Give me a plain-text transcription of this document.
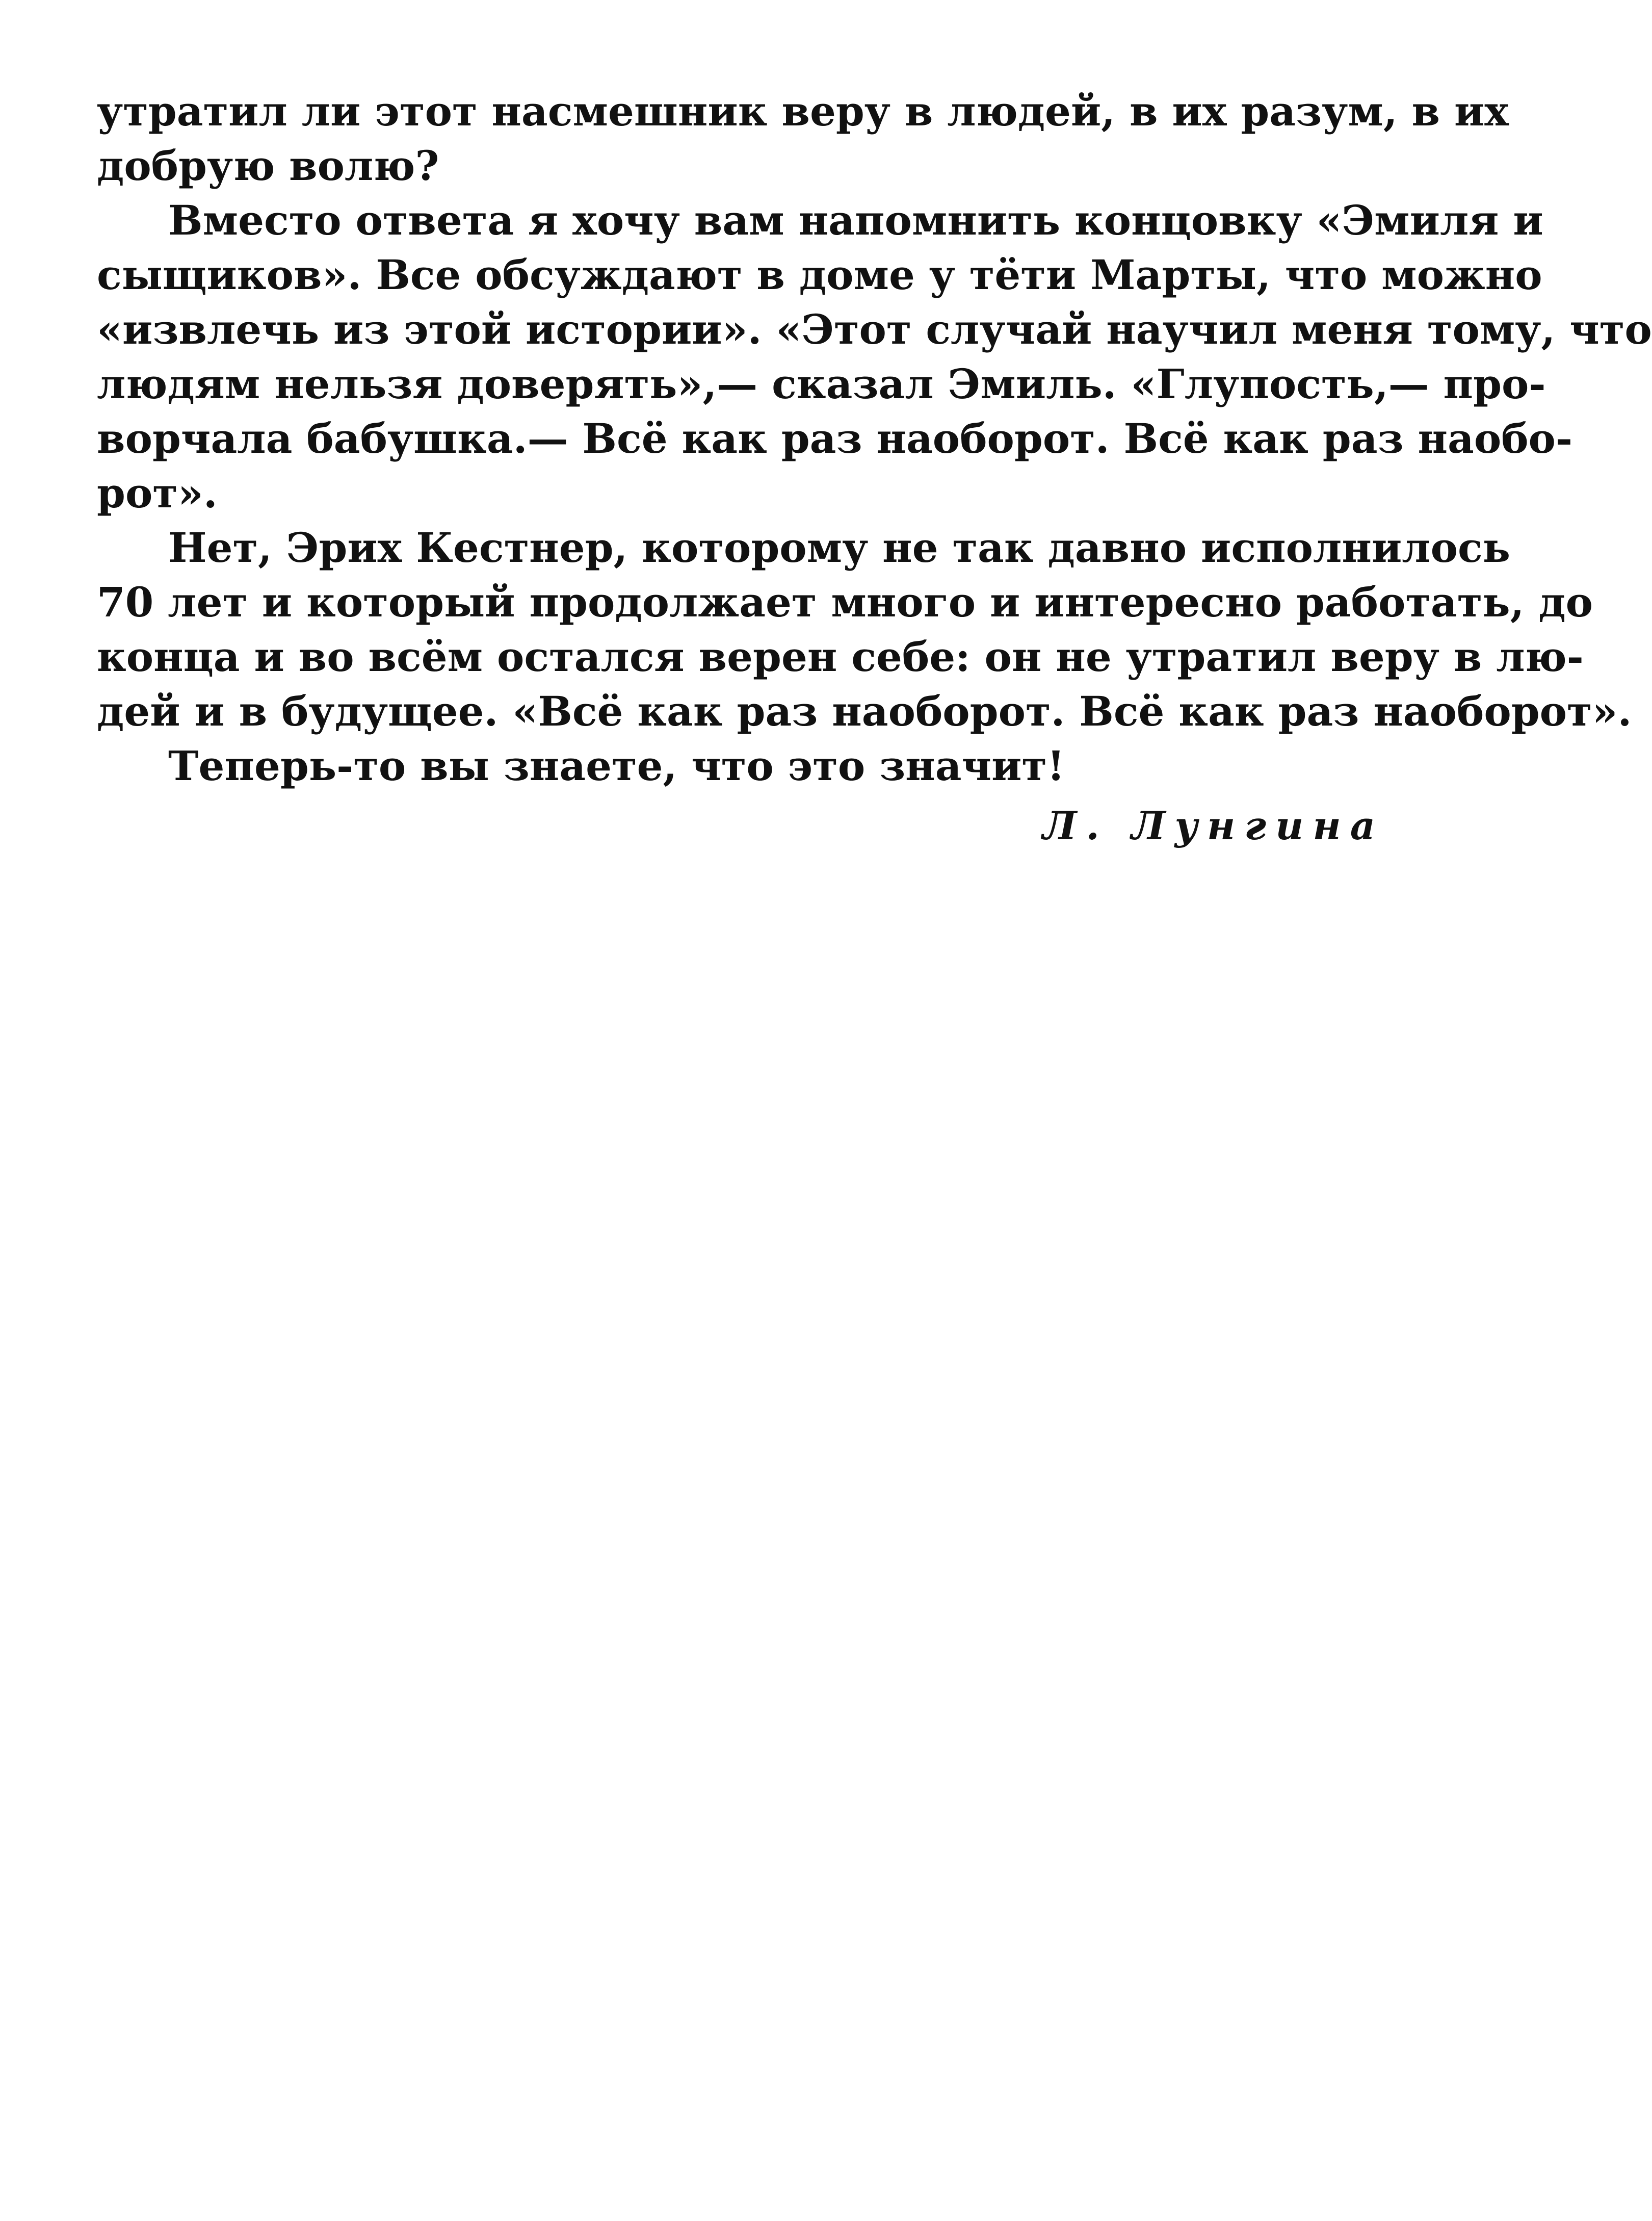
утратил ли этот насмешник веру в людей, в их разум, в их
добрую волю?
Вместо ответа я хочу вам напомнить концовку «Эмиля и
сыщиков». Все обсуждают в доме у тёти Марты, что можно
«извлечь из этой истории». «Этот случай научил меня тому, что
людям нельзя доверять»,— сказал Эмиль. «Глупость,— про-
ворчала бабушка.— Всё как раз наоборот. Всё как раз наобо-
рот».
Нет, Эрих Кестнер, которому не так давно исполнилось
70 лет и который продолжает много и интересно работать, до
конца и во всём остался верен себе: он не утратил веру в лю-
дей и в будущее. «Всё как раз наоборот. Всё как раз наоборот».
Теперь-то вы знаете, что это значит!
Л. Лунгина
